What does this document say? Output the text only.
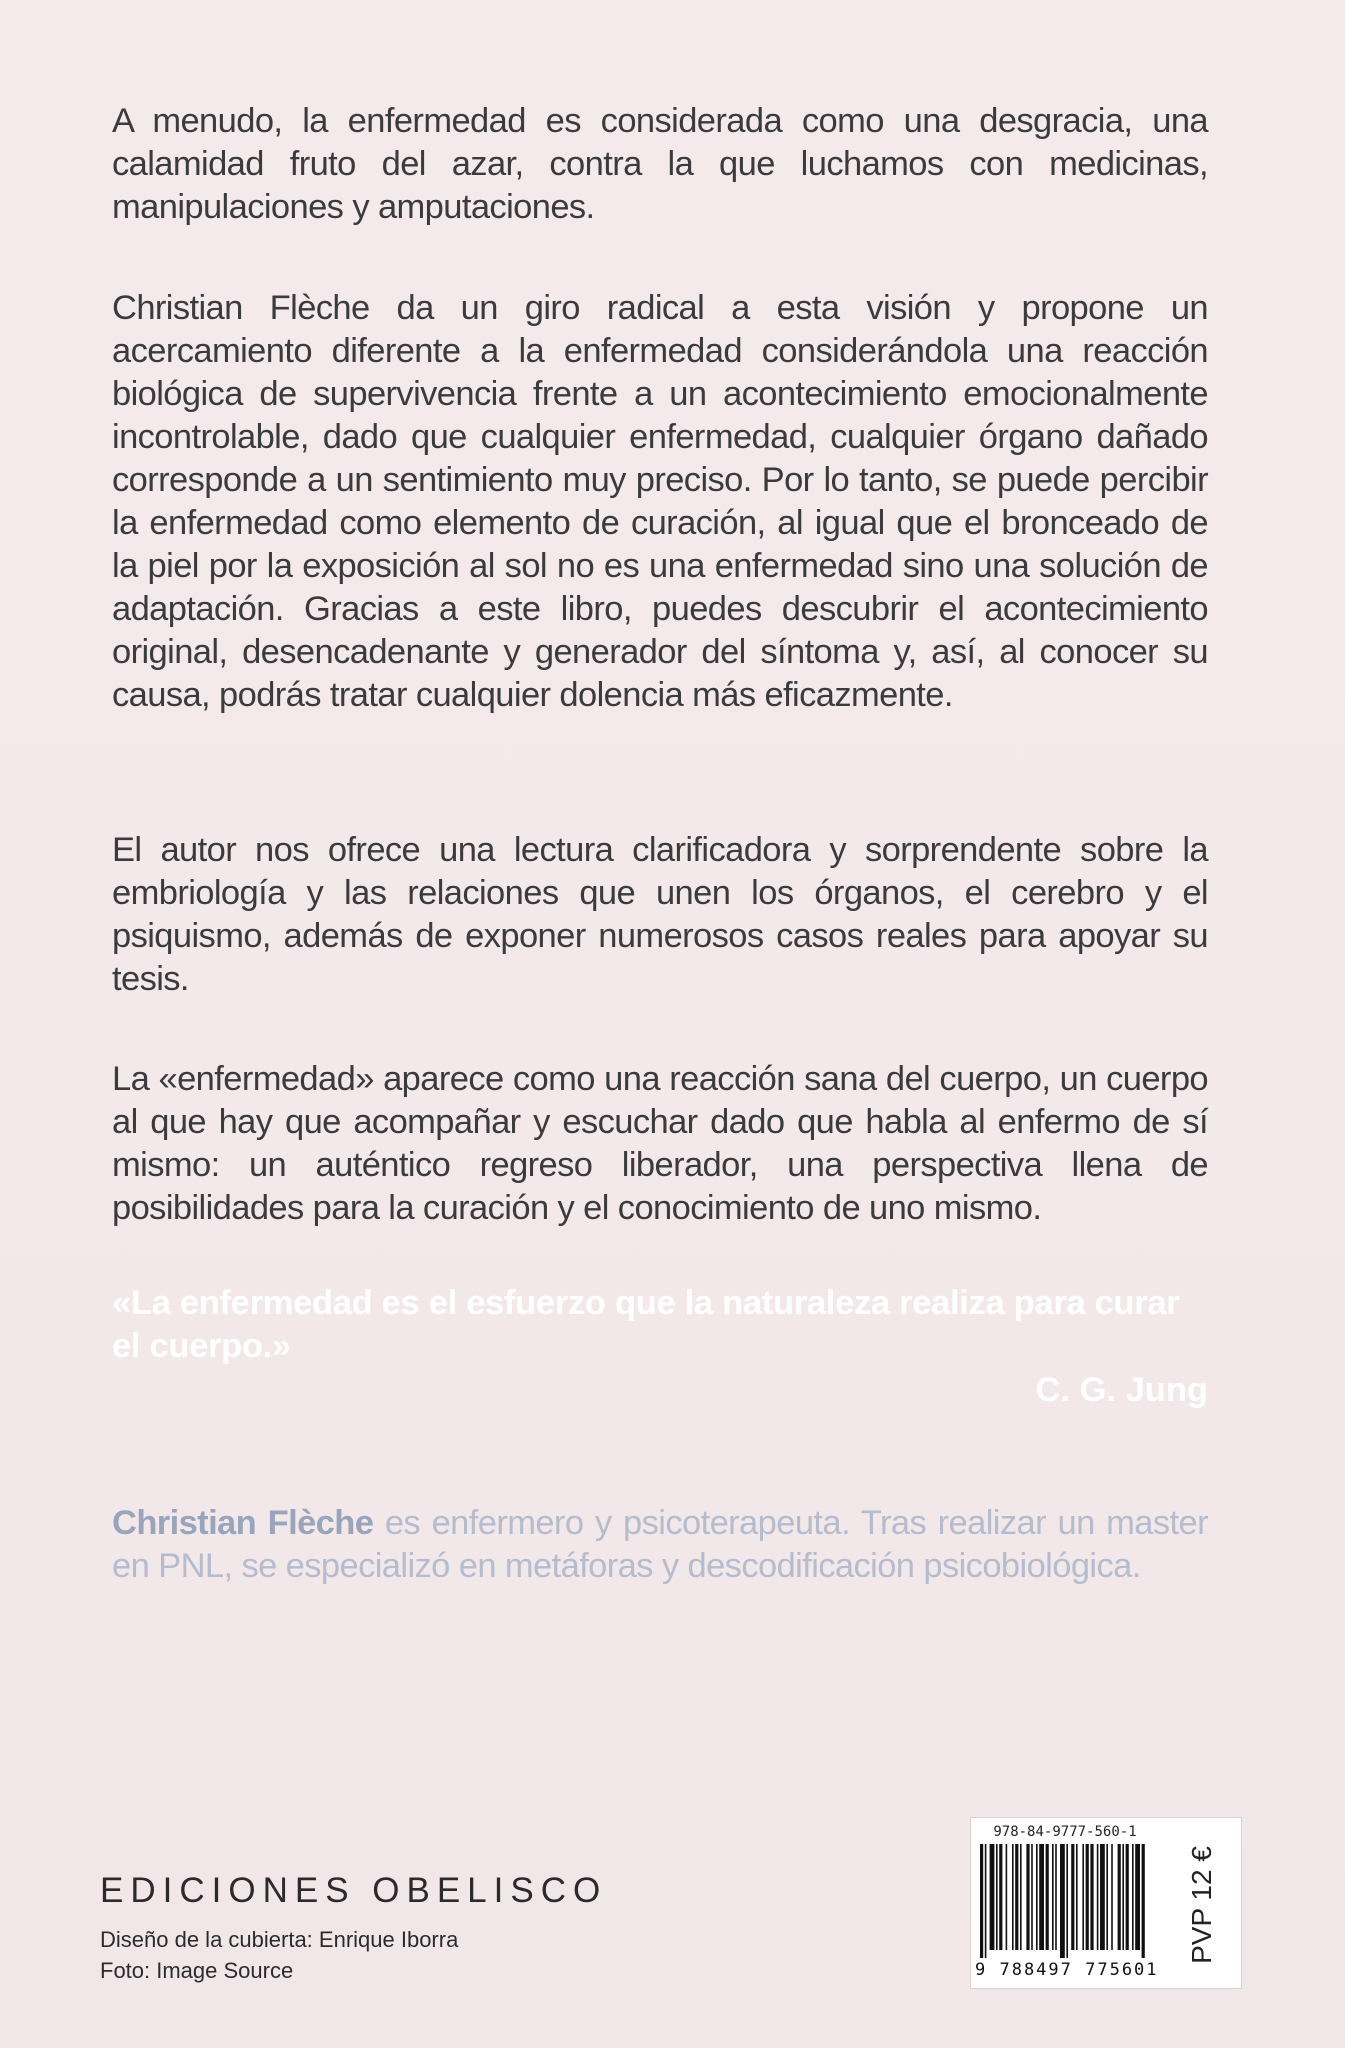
A menudo, la enfermedad es considerada como una desgracia, una calamidad fruto del azar, contra la que luchamos con medicinas, manipulaciones y amputaciones.

Christian Flèche da un giro radical a esta visión y propone un acercamiento diferente a la enfermedad considerándola una reacción biológica de supervivencia frente a un acontecimiento emocionalmente incontrolable, dado que cualquier enfermedad, cualquier órgano dañado corresponde a un sentimiento muy preciso. Por lo tanto, se puede percibir la enfermedad como elemento de curación, al igual que el bronceado de la piel por la exposición al sol no es una enfermedad sino una solución de adaptación. Gracias a este libro, puedes descubrir el acontecimiento original, desencadenante y generador del síntoma y, así, al conocer su causa, podrás tratar cualquier dolencia más eficazmente.

El autor nos ofrece una lectura clarificadora y sorprendente sobre la embriología y las relaciones que unen los órganos, el cerebro y el psiquismo, además de exponer numerosos casos reales para apoyar su tesis.

La «enfermedad» aparece como una reacción sana del cuerpo, un cuerpo al que hay que acompañar y escuchar dado que habla al enfermo de sí mismo: un auténtico regreso liberador, una perspectiva llena de posibilidades para la curación y el conocimiento de uno mismo.

«La enfermedad es el esfuerzo que la naturaleza realiza para curar el cuerpo.»
C. G. Jung

Christian Flèche es enfermero y psicoterapeuta. Tras realizar un master en PNL, se especializó en metáforas y descodificación psicobiológica.

EDICIONES OBELISCO
Diseño de la cubierta: Enrique Iborra
Foto: Image Source
978-84-9777-560-1
9 788497 775601
PVP 12 €
